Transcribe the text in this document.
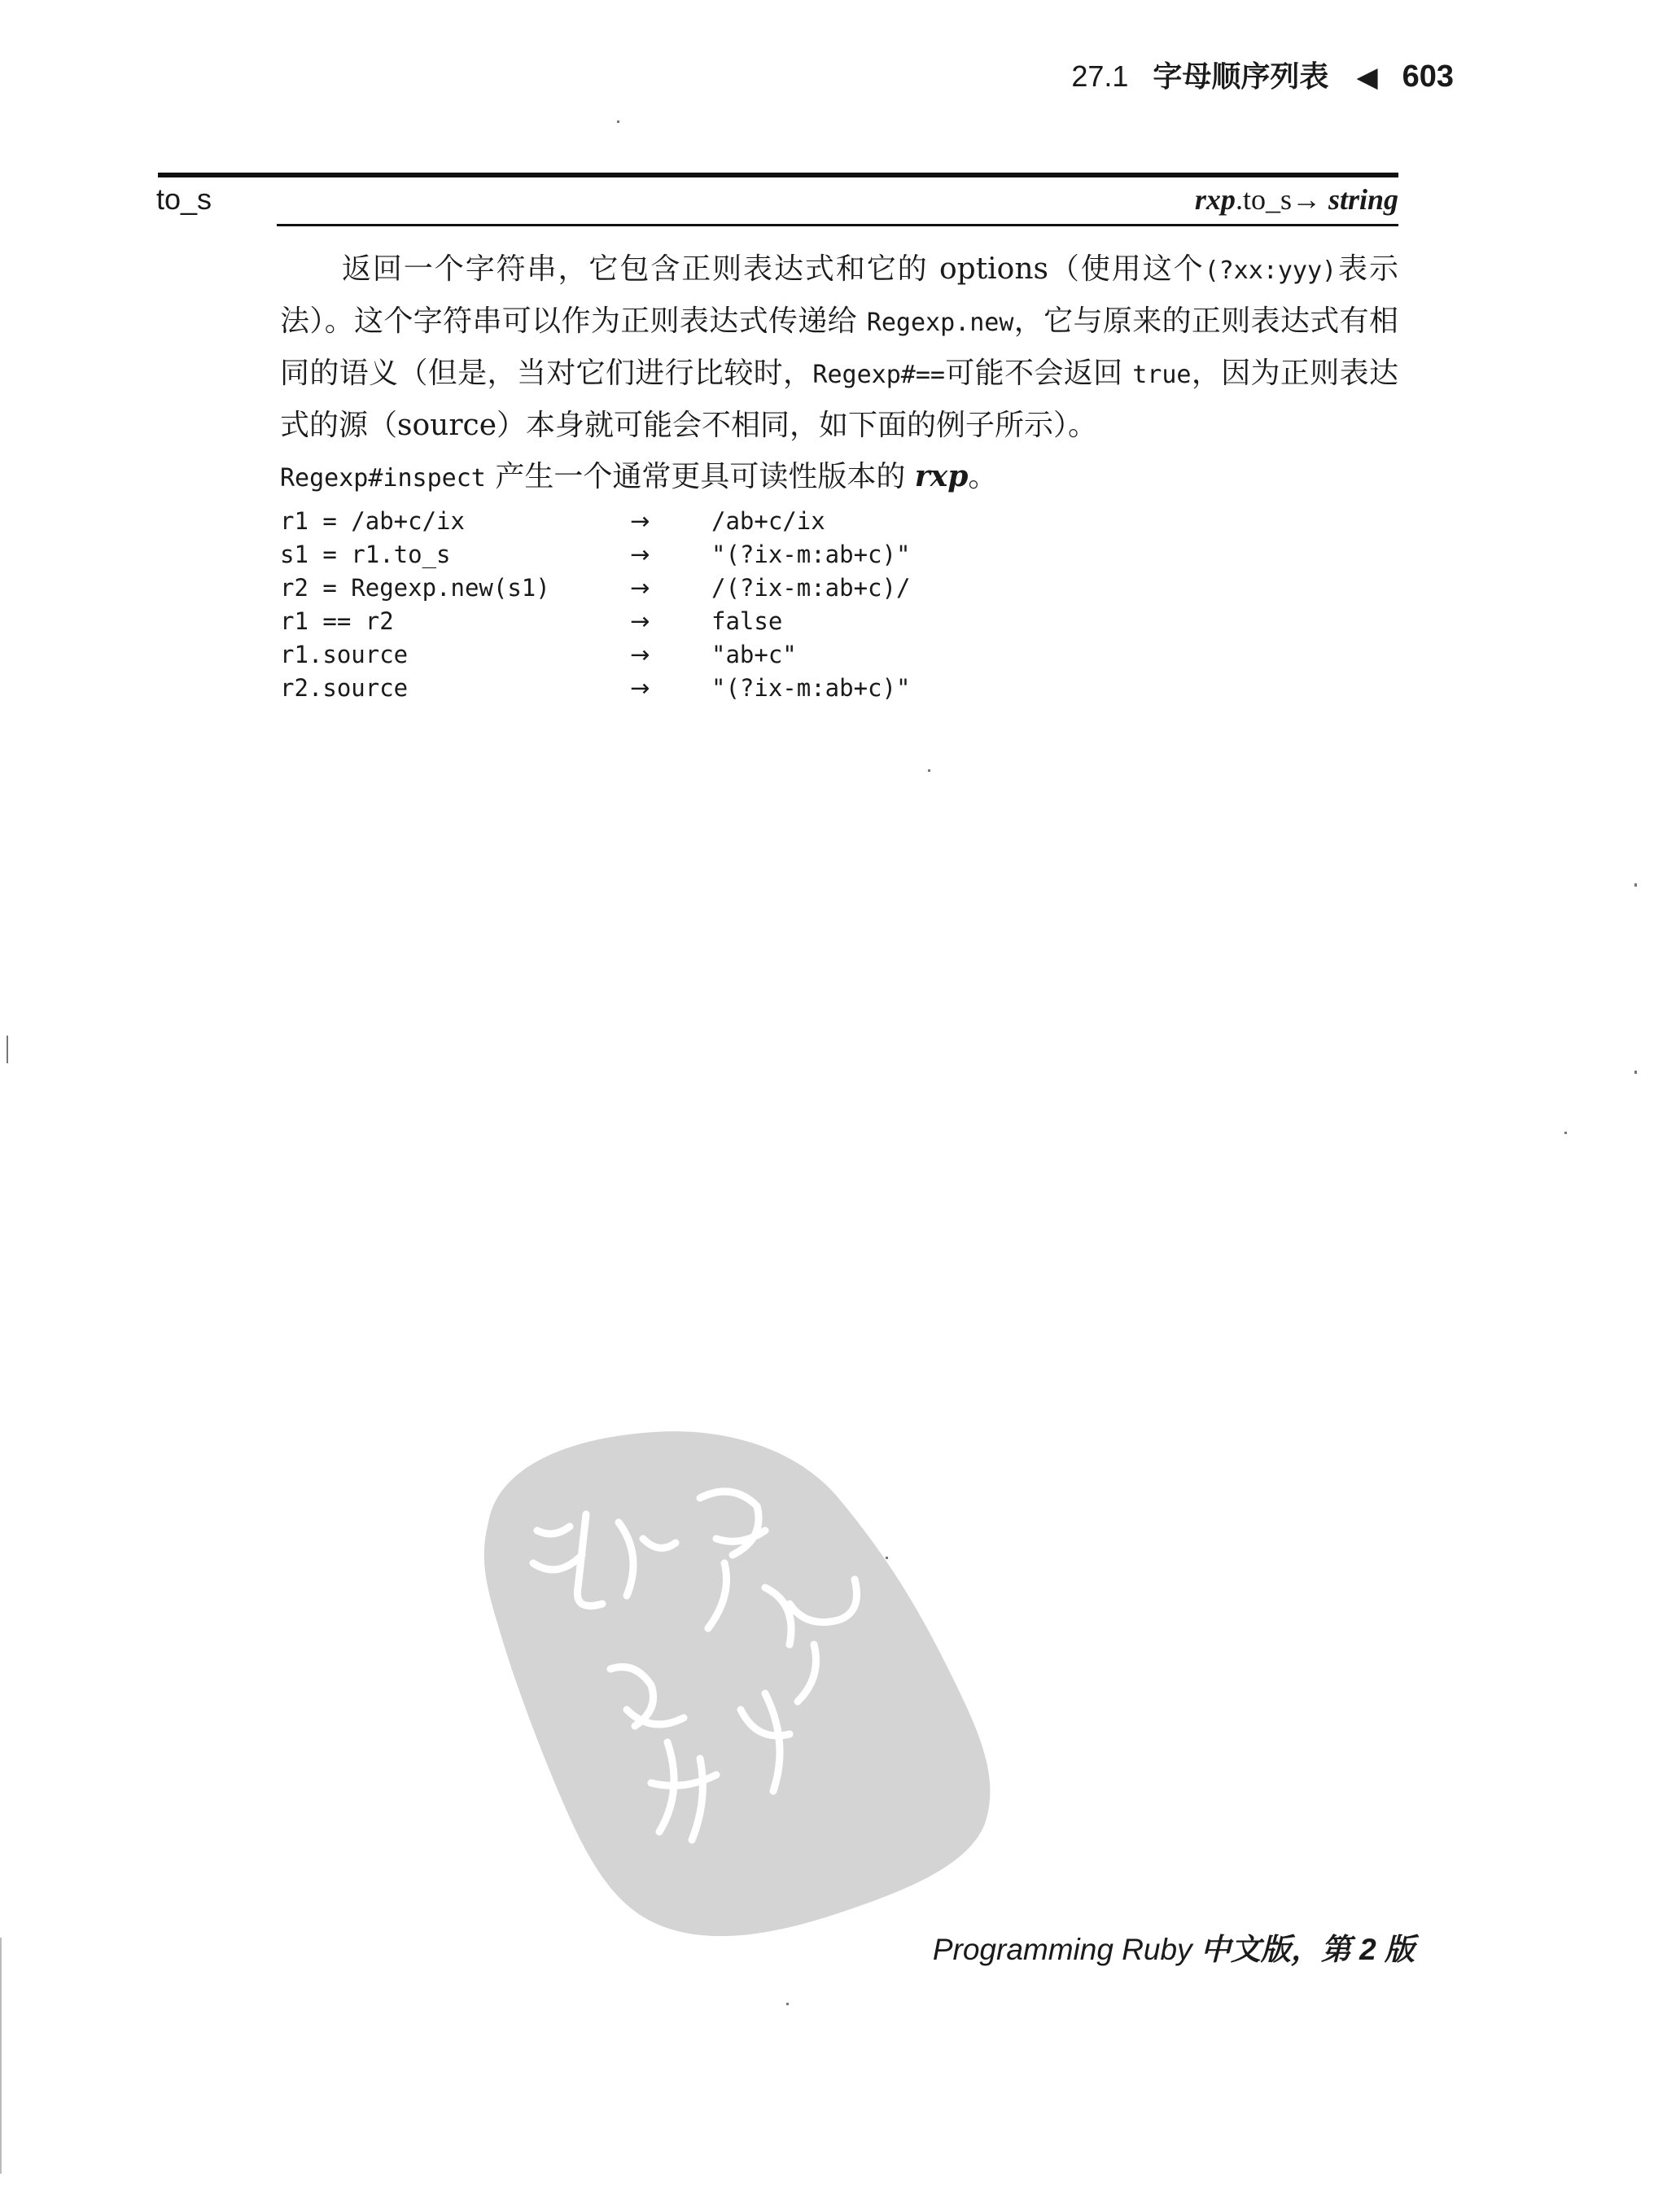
27.1 字母顺序列表 ◀ 603
to_s	rxp.to_s→ string

返回一个字符串，它包含正则表达式和它的 options（使用这个(?xx:yyy)表示法）。这个字符串可以作为正则表达式传递给 Regexp.new，它与原来的正则表达式有相同的语义（但是，当对它们进行比较时，Regexp#==可能不会返回 true，因为正则表达式的源（source）本身就可能会不相同，如下面的例子所示）。

Regexp#inspect 产生一个通常更具可读性版本的 rxp。

r1 = /ab+c/ix	→	/ab+c/ix
s1 = r1.to_s	→	"(?ix-m:ab+c)"
r2 = Regexp.new(s1)	→	/(?ix-m:ab+c)/
r1 == r2	→	false
r1.source	→	"ab+c"
r2.source	→	"(?ix-m:ab+c)"
Programming Ruby 中文版，第 2 版
